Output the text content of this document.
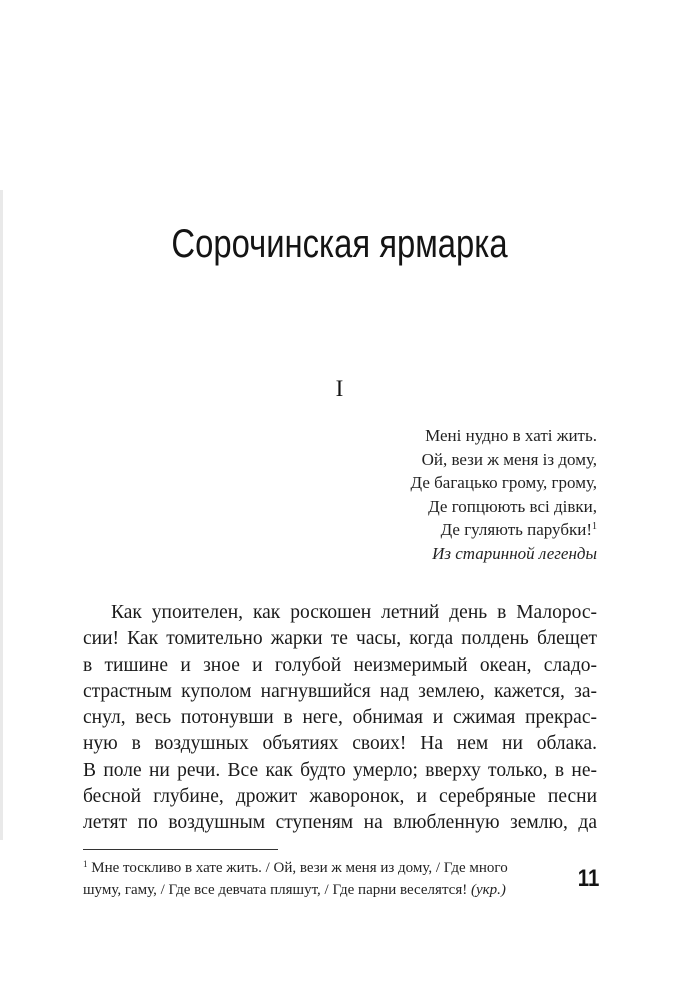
Сорочинская ярмарка
I
Мені нудно в хаті жить.
Ой, вези ж меня із дому,
Де багацько грому, грому,
Де гопцюють всі дівки,
Де гуляють парубки!$^1$
Из старинной легенды
Как упоителен, как роскошен летний день в Малорос-
сии! Как томительно жарки те часы, когда полдень блещет
в тишине и зное и голубой неизмеримый океан, сладо-
страстным куполом нагнувшийся над землею, кажется, за-
снул, весь потонувши в неге, обнимая и сжимая прекрас-
ную в воздушных объятиях своих! На нем ни облака.
В поле ни речи. Все как будто умерло; вверху только, в не-
бесной глубине, дрожит жаворонок, и серебряные песни
летят по воздушным ступеням на влюбленную землю, да
$^1$ Мне тоскливо в хате жить. / Ой, вези ж меня из дому, / Где много
шуму, гаму, / Где все девчата пляшут, / Где парни веселятся! (укр.)	11
